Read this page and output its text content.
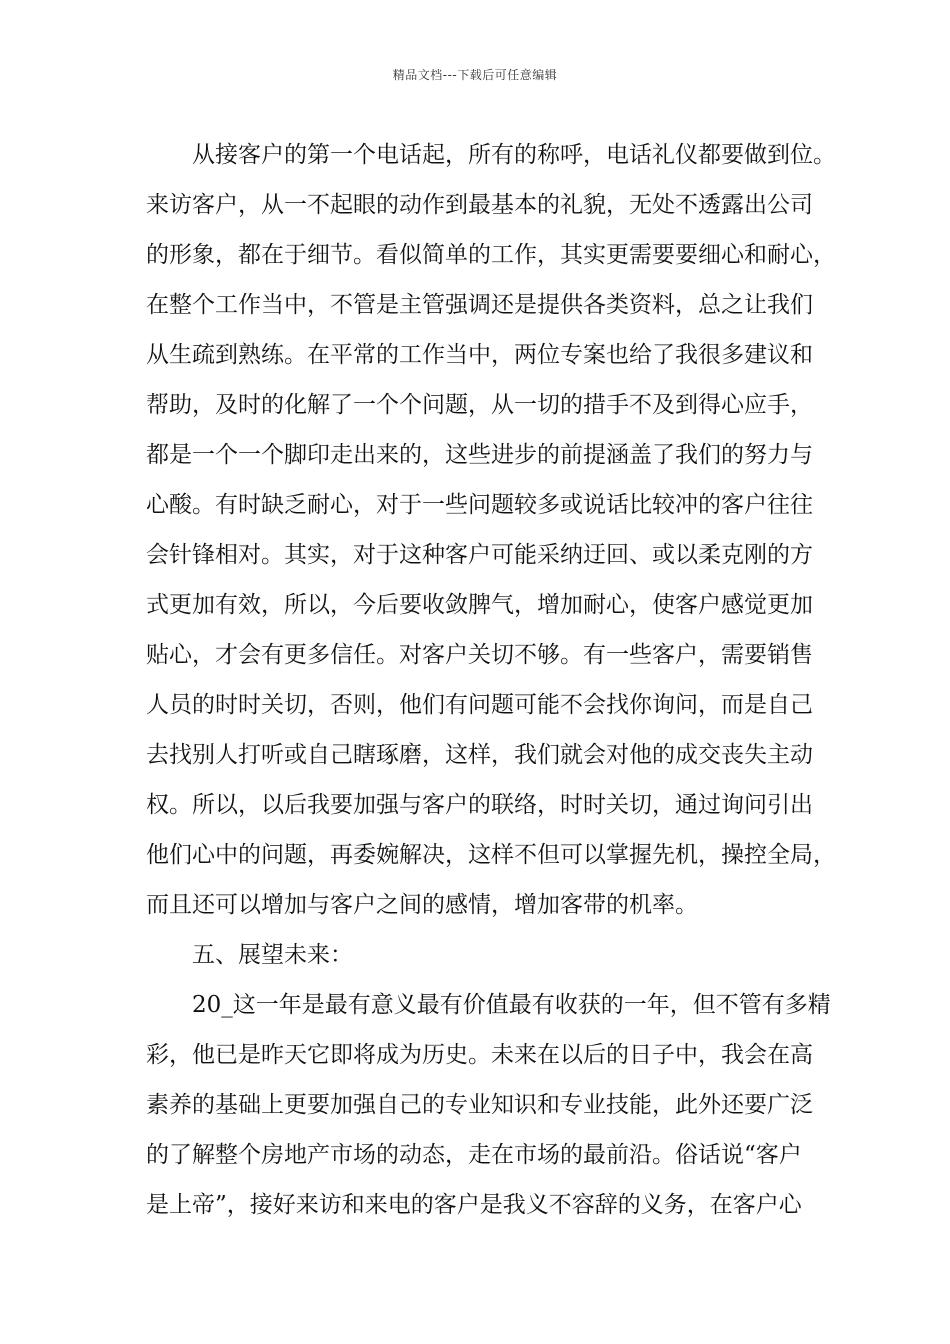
精品文档---下载后可任意编辑
从接客户的第一个电话起，所有的称呼，电话礼仪都要做到位。
来访客户，从一不起眼的动作到最基本的礼貌，无处不透露出公司
的形象，都在于细节。看似简单的工作，其实更需要要细心和耐心，
在整个工作当中，不管是主管强调还是提供各类资料，总之让我们
从生疏到熟练。在平常的工作当中，两位专案也给了我很多建议和
帮助，及时的化解了一个个问题，从一切的措手不及到得心应手，
都是一个一个脚印走出来的，这些进步的前提涵盖了我们的努力与
心酸。有时缺乏耐心，对于一些问题较多或说话比较冲的客户往往
会针锋相对。其实，对于这种客户可能采纳迂回、或以柔克刚的方
式更加有效，所以，今后要收敛脾气，增加耐心，使客户感觉更加
贴心，才会有更多信任。对客户关切不够。有一些客户，需要销售
人员的时时关切，否则，他们有问题可能不会找你询问，而是自己
去找别人打听或自己瞎琢磨，这样，我们就会对他的成交丧失主动
权。所以，以后我要加强与客户的联络，时时关切，通过询问引出
他们心中的问题，再委婉解决，这样不但可以掌握先机，操控全局，
而且还可以增加与客户之间的感情，增加客带的机率。
五、展望未来：
20_这一年是最有意义最有价值最有收获的一年，但不管有多精
彩，他已是昨天它即将成为历史。未来在以后的日子中，我会在高
素养的基础上更要加强自己的专业知识和专业技能，此外还要广泛
的了解整个房地产市场的动态，走在市场的最前沿。俗话说“客户
是上帝”，接好来访和来电的客户是我义不容辞的义务，在客户心
